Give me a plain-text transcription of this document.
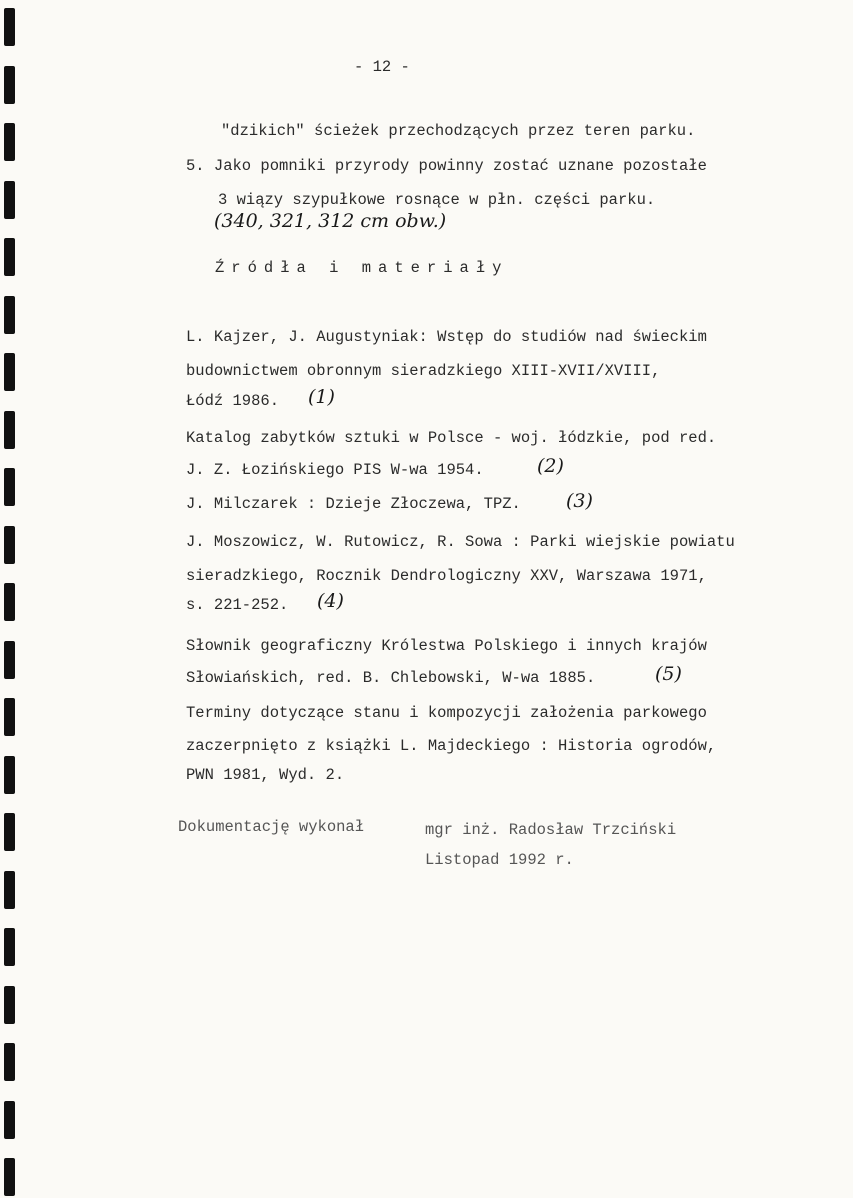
- 12 -
"dzikich" ścieżek przechodzących przez teren parku.
5. Jako pomniki przyrody powinny zostać uznane pozostałe
3 wiązy szypułkowe rosnące w płn. części parku.
(340, 321, 312 cm obw.)
Źródła i materiały
L. Kajzer, J. Augustyniak: Wstęp do studiów nad świeckim
budownictwem obronnym sieradzkiego XIII-XVII/XVIII,
Łódź 1986. (1)
Katalog zabytków sztuki w Polsce - woj. łódzkie, pod red.
J. Z. Łozińskiego PIS W-wa 1954.	(2)
J. Milczarek : Dzieje Złoczewa, TPZ. (3)
J. Moszowicz, W. Rutowicz, R. Sowa : Parki wiejskie powiatu
sieradzkiego, Rocznik Dendrologiczny XXV, Warszawa 1971,
s. 221-252. (4)
Słownik geograficzny Królestwa Polskiego i innych krajów
Słowiańskich, red. B. Chlebowski, W-wa 1885.	(5)
Terminy dotyczące stanu i kompozycji założenia parkowego
zaczerpnięto z książki L. Majdeckiego : Historia ogrodów,
PWN 1981, Wyd. 2.
Dokumentację wykonał	mgr inż. Radosław Trzciński
Listopad 1992 r.
